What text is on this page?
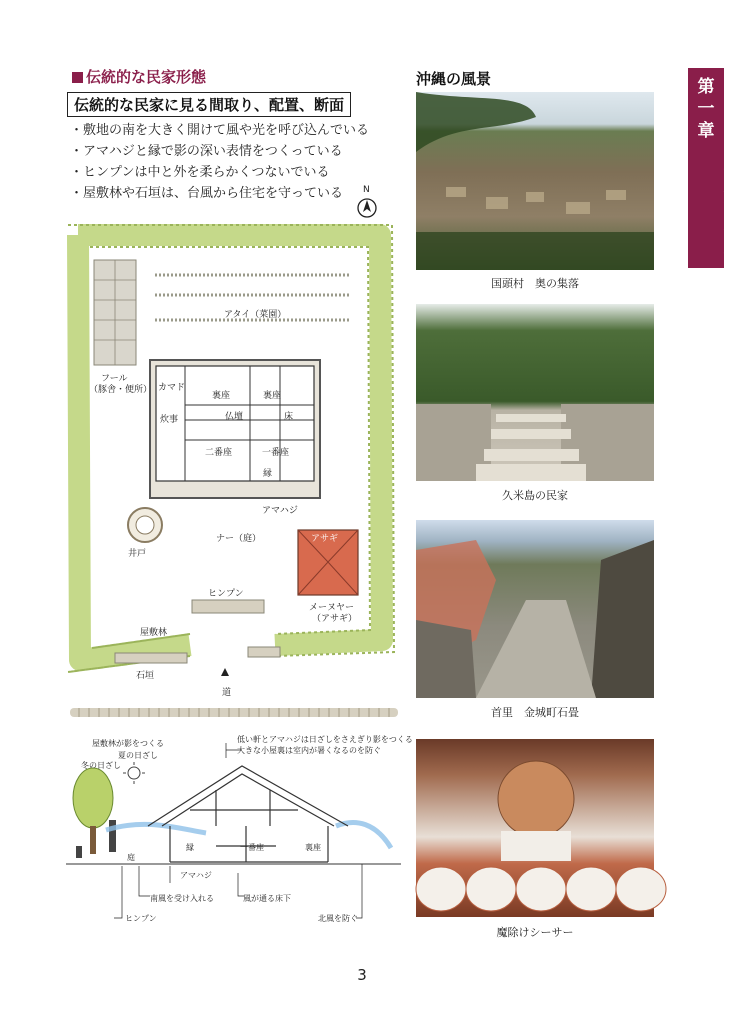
伝統的な民家形態
伝統的な民家に見る間取り、配置、断面
・ 敷地の南を大きく開けて風や光を呼び込んでいる
・ アマハジと縁で影の深い表情をつくっている
・ ヒンプンは中と外を柔らかくつないでいる
・ 屋敷林や石垣は、台風から住宅を守っている	N
アタイ（菜園）
フール
（豚舎・便所） カマド
炊事
裏座	裏座
仏壇	床
二番座	一番座
縁
アマハジ
井戸
ナー（庭）	アサギ
ヒンプン
メーヌヤー
（アサギ）
屋敷林
石垣
道
屋敷林が影をつくる	低い軒とアマハジは日ざしをさえぎり影をつくる
大きな小屋裏は室内が暑くなるのを防ぐ
夏の日ざし
冬の日ざし
庭
縁	一番座	裏座
アマハジ
南風を受け入れる	風が通る床下
ヒンプン	北風を防ぐ
沖縄の風景
国頭村　奥の集落
久米島の民家
首里　金城町石畳
魔除けシーサー
第一章
沖縄の風土・自然条件
3
